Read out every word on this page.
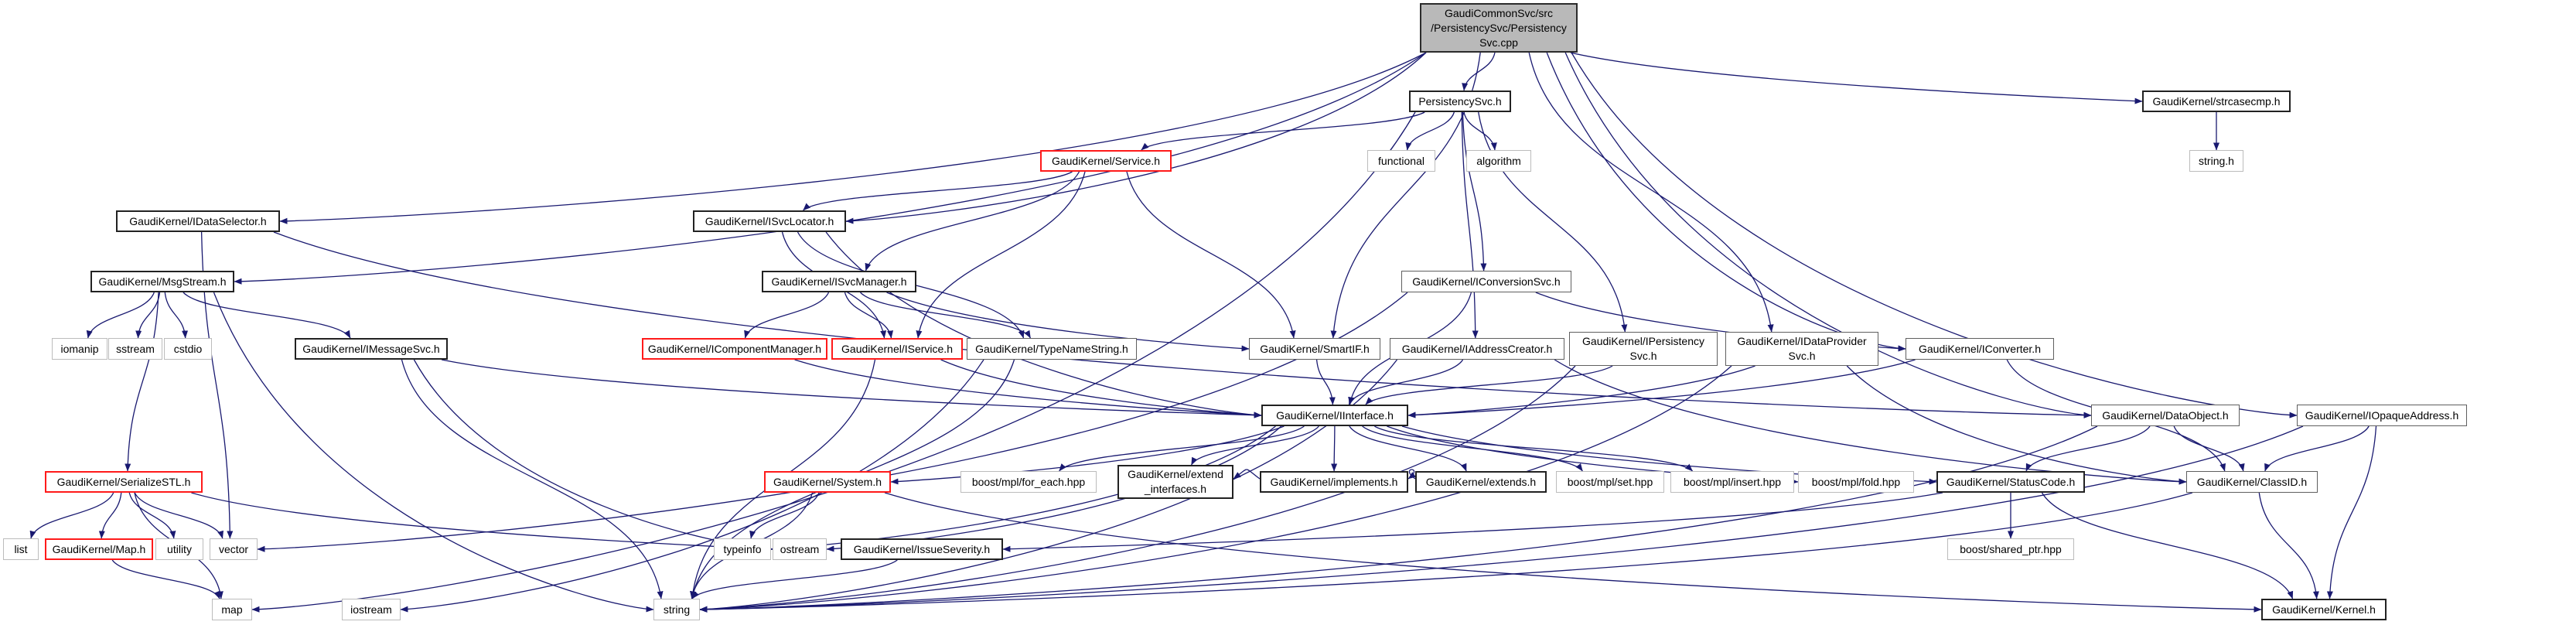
GaudiCommonSvc/src
/PersistencySvc/Persistency
Svc.cpp
PersistencySvc.h	GaudiKernel/strcasecmp.h
functional	algorithm	string.h
GaudiKernel/Service.h
GaudiKernel/IDataSelector.h	GaudiKernel/ISvcLocator.h
GaudiKernel/MsgStream.h	GaudiKernel/ISvcManager.h	GaudiKernel/IConversionSvc.h
iomanip sstream cstdio	GaudiKernel/IMessageSvc.h	GaudiKernel/IComponentManager.h GaudiKernel/IService.h GaudiKernel/TypeNameString.h	GaudiKernel/SmartIF.h	GaudiKernel/IAddressCreator.h
GaudiKernel/IPersistency
Svc.h
GaudiKernel/IDataProvider
Svc.h
GaudiKernel/IConverter.h
GaudiKernel/IInterface.h	GaudiKernel/DataObject.h	GaudiKernel/IOpaqueAddress.h
GaudiKernel/SerializeSTL.h	GaudiKernel/System.h	boost/mpl/for_each.hpp
GaudiKernel/extend
_interfaces.h
GaudiKernel/implements.h	GaudiKernel/extends.h	boost/mpl/set.hpp	boost/mpl/insert.hpp	boost/mpl/fold.hpp	GaudiKernel/StatusCode.h	GaudiKernel/ClassID.h
list GaudiKernel/Map.h utility vector	typeinfo ostream	GaudiKernel/IssueSeverity.h	boost/shared_ptr.hpp
map	iostream	string	GaudiKernel/Kernel.h
